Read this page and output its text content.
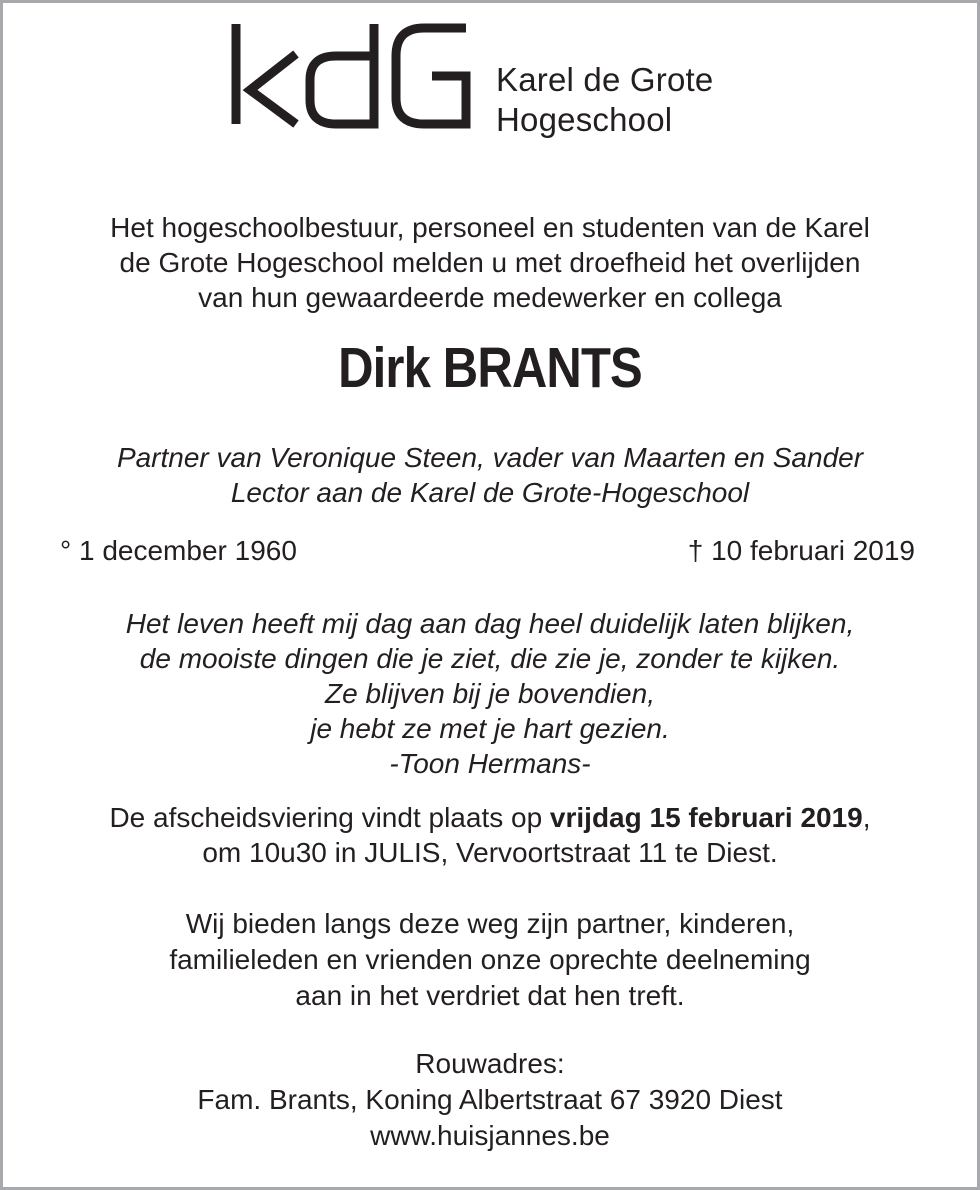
Karel de Grote
Hogeschool
Het hogeschoolbestuur, personeel en studenten van de Karel
de Grote Hogeschool melden u met droefheid het overlijden
van hun gewaardeerde medewerker en collega
Dirk BRANTS
Partner van Veronique Steen, vader van Maarten en Sander
Lector aan de Karel de Grote-Hogeschool
° 1 december 1960	† 10 februari 2019
Het leven heeft mij dag aan dag heel duidelijk laten blijken,
de mooiste dingen die je ziet, die zie je, zonder te kijken.
Ze blijven bij je bovendien,
je hebt ze met je hart gezien.
-Toon Hermans-
De afscheidsviering vindt plaats op vrijdag 15 februari 2019,
om 10u30 in JULIS, Vervoortstraat 11 te Diest.
Wij bieden langs deze weg zijn partner, kinderen,
familieleden en vrienden onze oprechte deelneming
aan in het verdriet dat hen treft.
Rouwadres:
Fam. Brants, Koning Albertstraat 67 3920 Diest
www.huisjannes.be
